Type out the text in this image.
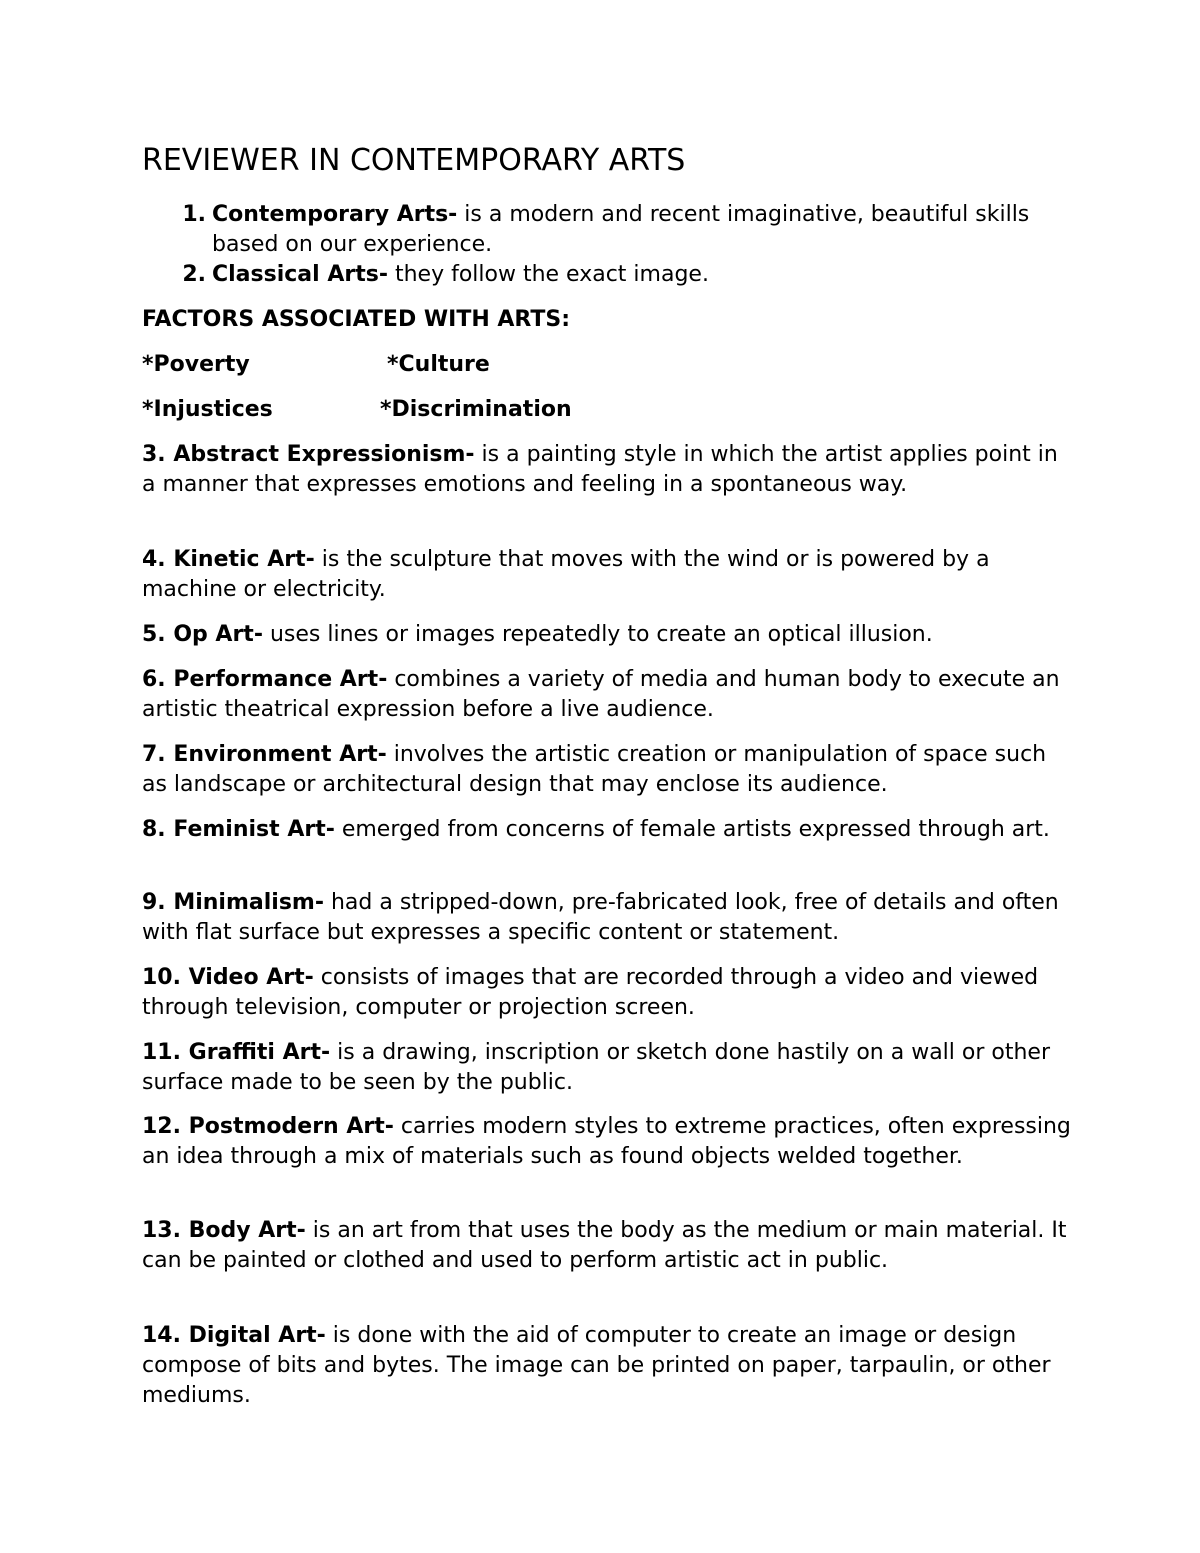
REVIEWER IN CONTEMPORARY ARTS
1. Contemporary Arts- is a modern and recent imaginative, beautiful skills based on our experience.
2. Classical Arts- they follow the exact image.
FACTORS ASSOCIATED WITH ARTS:
*Poverty	*Culture
*Injustices	*Discrimination
3. Abstract Expressionism- is a painting style in which the artist applies point in    a manner that expresses emotions and feeling in a spontaneous way.
4. Kinetic Art- is the sculpture that moves with the wind or is powered by a machine or electricity.
5. Op Art- uses lines or images repeatedly to create an optical illusion.
6. Performance Art- combines a variety of media and human body to execute an artistic theatrical expression before a live audience.
7. Environment Art- involves the artistic creation or manipulation of space such as landscape or architectural design that may enclose its audience.
8. Feminist Art- emerged from concerns of female artists expressed through art.
9. Minimalism- had a stripped-down, pre-fabricated look, free of details and often with flat surface but expresses a specific content or statement.
10. Video Art- consists of images that are recorded through a video and viewed through television, computer or projection screen.
11. Graffiti Art- is a drawing, inscription or sketch done hastily on a wall or other surface made to be seen by the public.
12. Postmodern Art- carries modern styles to extreme practices, often expressing an idea through a mix of materials such as found objects welded together.
13. Body Art- is an art from that uses the body as the medium or main material. It can be painted or clothed and used to perform artistic act in public.
14. Digital Art- is done with the aid of computer to create an image or design compose of bits and bytes. The image can be printed on paper, tarpaulin, or other mediums.
